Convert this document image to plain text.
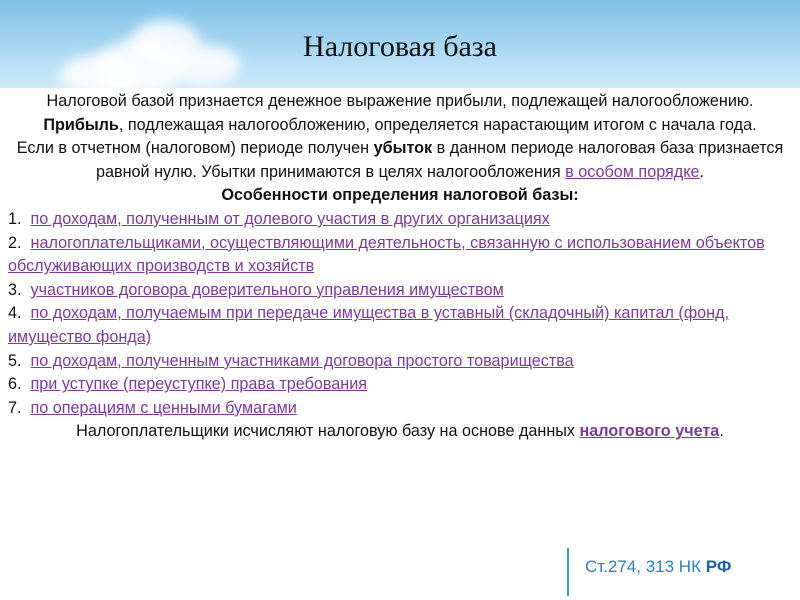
Налоговая база
Налоговой базой признается денежное выражение прибыли, подлежащей налогообложению.
Прибыль, подлежащая налогообложению, определяется нарастающим итогом с начала года.
Если в отчетном (налоговом) периоде получен убыток в данном периоде налоговая база признается равной нулю. Убытки принимаются в целях налогообложения в особом порядке.
Особенности определения налоговой базы:
1. по доходам, полученным от долевого участия в других организациях
2. налогоплательщиками, осуществляющими деятельность, связанную с использованием объектов обслуживающих производств и хозяйств
3. участников договора доверительного управления имуществом
4. по доходам, получаемым при передаче имущества в уставный (складочный) капитал (фонд, имущество фонда)
5. по доходам, полученным участниками договора простого товарищества
6. при уступке (переуступке) права требования
7. по операциям с ценными бумагами
Налогоплательщики исчисляют налоговую базу на основе данных налогового учета.
Ст.274, 313 НК РФ
